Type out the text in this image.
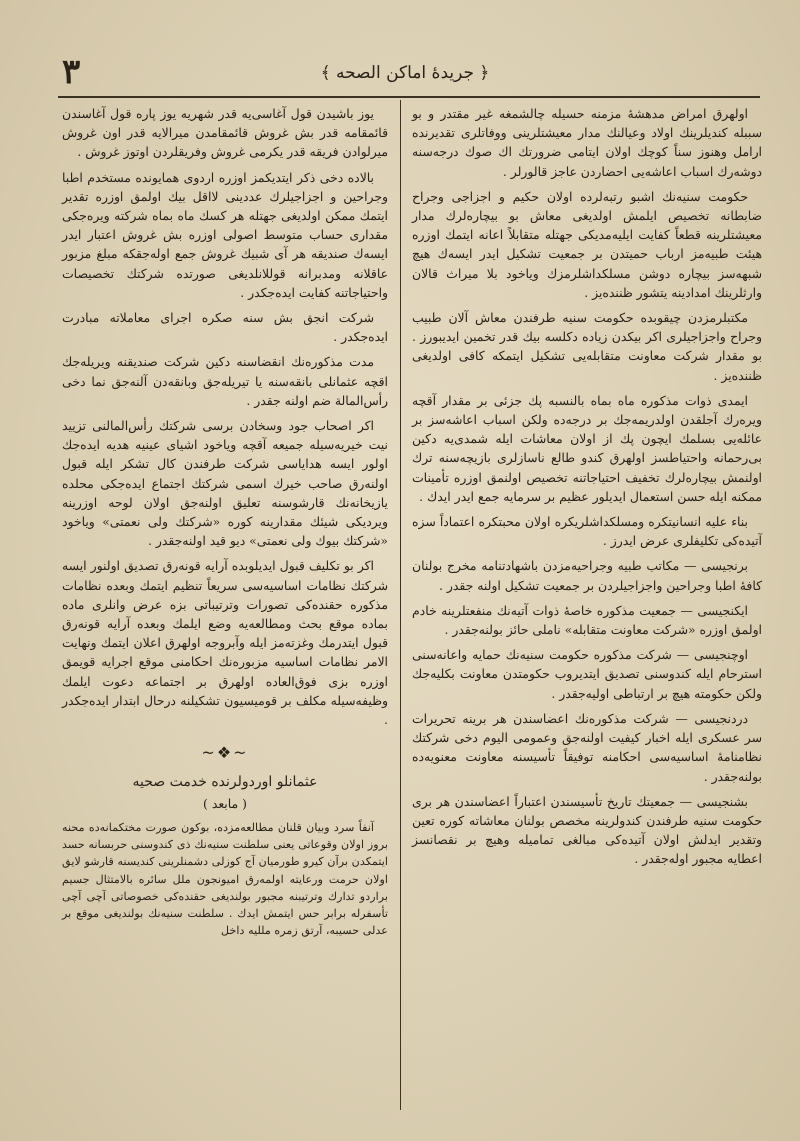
٣	﴿ جريدهٔ اماكن الصحه ﴾

اولهرق امراض مدهشهٔ مزمنه حسيله چالشمغه غير مقتدر و بو سببله كنديلرينك اولاد وعيالنك مدار معيشتلرينى ووفاتلرى تقديرنده ارامل وهنوز سناً كوچك اولان ايتامى ضرورتك اك صوك درجه‌سنه دوشه‌رك اسباب اعاشه‌يى احضاردن عاجز قالورلر .

حكومت سنيه‌نك اشبو رتبه‌لرده اولان حكيم و اجزاجى وجراح ضابطانه تخصيص ايلمش اولديغى معاش بو بيچاره‌لرك مدار معيشتلرينه قطعاً كفايت ايليه‌مديكى جهتله متقابلاً اعانه ايتمك اوزره هيئت طبيه‌مز ارباب حميتدن بر جمعيت تشكيل ايدر ايسه‌ك هيچ شبهه‌سز بيچاره دوشن مسلكداشلرمزك وياخود بلا ميراث قالان وارثلرينك امدادينه يتشور ظننده‌يز .

مكتبلرمزدن چيقوبده حكومت سنيه طرفندن معاش آلان طبيب وجراح واجزاجيلرى اكر بيكدن زياده دكلسه بيك قدر تخمين ايديبورز . بو مقدار شركت معاونت متقابله‌يى تشكيل ايتمكه كافى اولديغى ظننده‌يز .

ايمدى ذوات مذكوره ماه بماه بالنسبه پك جزئى بر مقدار آقچه ويره‌رك آجلقدن اولدريمه‌جك بر درجه‌ده ولكن اسباب اعاشه‌سز بر عائله‌يى بسلمك ايچون پك از اولان معاشات ايله شمدى‌يه دكين بى‌رحمانه واحتياطسز اولهرق كندو طالع ناسازلرى بازيچه‌سنه ترك اولنمش بيچاره‌لرك تخفيف احتياجاتنه تخصيص اولنمق اوزره تأمينات ممكنه ايله حسن استعمال ايديلور عظيم بر سرمايه جمع ايدر ايدك .

بناء عليه انسانيتكره ومسلكداشلريكره اولان محبتكره اعتماداً سزه آتيده‌كى تكليفلرى عرض ايدرز .

برنجيسى — مكاتب طبيه وجراحيه‌مزدن باشهادتنامه مخرج بولنان كافهٔ اطبا وجراحين واجزاجيلردن بر جمعيت تشكيل اولنه جقدر .

ايكنجيسى — جمعيت مذكوره خاصهٔ ذوات آتيه‌نك منفعتلرينه خادم اولمق اوزره «شركت معاونت متقابله» ناملى حائز بولنه‌جقدر .

اوچنجيسى — شركت مذكوره حكومت سنيه‌نك حمايه واعانه‌سنى استرحام ايله كندوسنى تصديق ايتديروب حكومتدن معاونت بكليه‌جك ولكن حكومته هيچ بر ارتباطى اوليه‌جقدر .

دردنجيسى — شركت مذكوره‌نك اعضاسندن هر برينه تحريرات سر عسكرى ايله اخبار كيفيت اولنه‌جق وعمومى اليوم دخى شركتك نظامنامهٔ اساسيه‌سى احكامنه توفيقاً تأسيسنه معاونت معنويه‌ده بولنه‌جقدر .

بشنجيسى — جمعيتك تاريخ تأسيسندن اعتباراً اعضاسندن هر برى حكومت سنيه طرفندن كندولرينه مخصص بولنان معاشاته كوره تعين وتقدير ايدلش اولان آتيده‌كى مبالغى تماميله وهيچ بر نقصانسز اعطايه مجبور اوله‌جقدر .

يوز باشيدن قول آغاسى‌يه قدر شهريه يوز پاره قول آغاسندن قائمقامه قدر بش غروش قائمقامدن ميرالايه قدر اون غروش ميرلوادن فريقه قدر يكرمى غروش وفريقلردن اوتوز غروش .

بالاده دخى ذكر ايتديكمز اوزره اردوى همايونده مستخدم اطبا وجراحين و اجزاجيلرك عددينى لااقل بيك اولمق اوزره تقدير ايتمك ممكن اولديغى جهتله هر كسك ماه بماه شركته ويره‌جكى مقدارى حساب متوسط اصولى اوزره بش غروش اعتبار ايدر ايسه‌ك صنديقه هر آى شبيك غروش جمع اوله‌جقكه مبلغ مزبور عاقلانه ومدبرانه قوللانلديغى صورتده شركتك تخصيصات واحتياجاتنه كفايت ايده‌جكدر .

شركت انجق بش سنه صكره اجراى معاملاته مبادرت ايده‌جكدر .

مدت مذكوره‌نك انقضاسنه دكين شركت صنديقنه ويريله‌جك اقچه عثمانلى بانقه‌سنه يا تيريله‌جق وبانقه‌دن آلنه‌جق نما دخى رأس‌المالة ضم اولنه جقدر .

اكر اصحاب جود وسخادن برسى شركتك رأس‌المالنى تزييد نيت خيريه‌سيله جميعه آقچه وياخود اشياى عينيه هديه ايده‌جك اولور ايسه هداياسى شركت طرفندن كال تشكر ايله قبول اولنه‌رق صاحب خيرك اسمى شركتك اجتماع ايده‌جكى محلده يازيخانه‌نك قارشوسنه تعليق اولنه‌جق اولان لوحه اوزرينه ويرديكى شيئك مقدارينه كوره «شركتك ولى نعمتى» وياخود «شركتك بيوك ولى نعمتى» ديو قيد اولنه‌جقدر .

اكر بو تكليف قبول ايديلوبده آرايه قونه‌رق تصديق اولنور ايسه شركتك نظامات اساسيه‌سى سريعاً تنظيم ايتمك وبعده نظامات مذكوره حقنده‌كى تصورات وترتيباتى بزه عرض وانلرى ماده بماده موقع بحث ومطالعه‌يه وضع ايلمك وبعده آرايه قونه‌رق قبول ايتدرمك وغزته‌مز ايله وآبروجه اولهرق اعلان ايتمك ونهايت الامر نظامات اساسيه مزبوره‌نك احكامنى موقع اجرايه قويمق اوزره بزى فوق‌العاده اولهرق بر اجتماعه دعوت ايلمك وظيفه‌سيله مكلف بر قوميسيون تشكيلنه درحال ابتدار ايده‌جكدر .

~❖~
عثمانلو اوردولرنده خدمت صحيه
( مابعد )

آنفاً سرد وبيان قلنان مطالعه‌مزده، بوكون صورت مختكمانه‌ده محنه بروز اولان وقوعاتى يعنى سلطنت سنيه‌نك ذى كندوسنى حربسانه حسد ايتمكدن برآن كيرو طورميان آج كوزلى دشمنلرينى كنديسنه قارشو لايق اولان حرمت ورعايته اولمه‌رق اميونجون ملل سائره بالامتثال جسيم براردو تدارك وترتيبنه مجبور بولنديغى حقنده‌كى خصوصاتى آچى آچى تأسفرله برابر حس ايتمش ايدك . سلطنت سنيه‌نك بولنديغى موقع بر عدلى حسيبه، آرتق زمره ملليه داخل
